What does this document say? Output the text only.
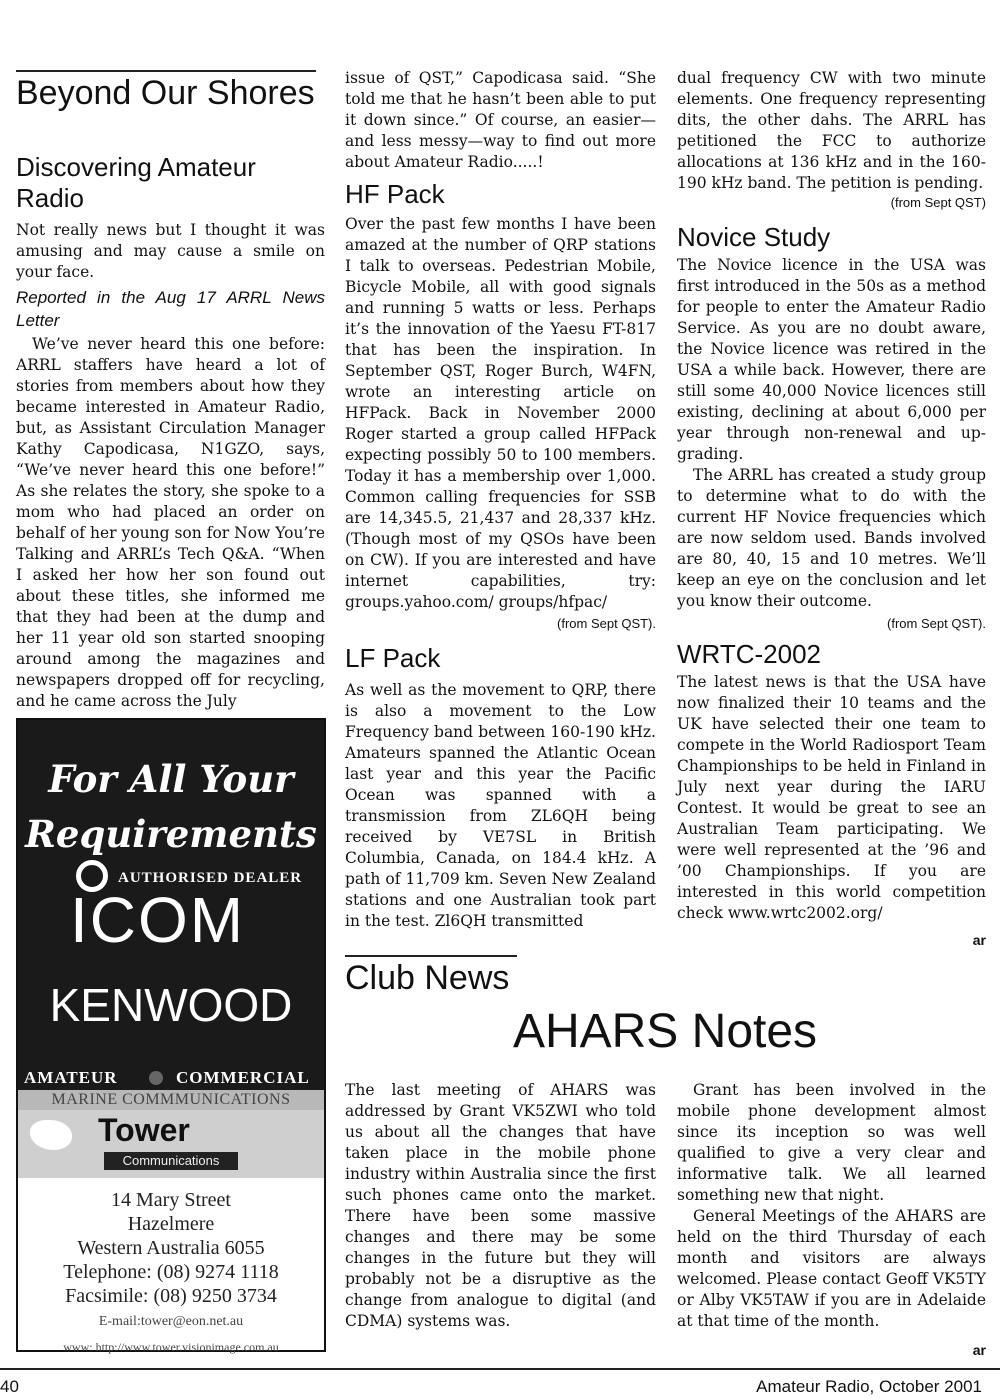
Beyond Our Shores
Discovering Amateur Radio

Not really news but I thought it was amusing and may cause a smile on your face.

Reported in the Aug 17 ARRL News Letter

We’ve never heard this one before: ARRL staffers have heard a lot of stories from members about how they became interested in Amateur Radio, but, as Assistant Circulation Manager Kathy Capodicasa, N1GZO, says, “We’ve never heard this one before!” As she relates the story, she spoke to a mom who had placed an order on behalf of her young son for Now You’re Talking and ARRL’s Tech Q&A. “When I asked her how her son found out about these titles, she informed me that they had been at the dump and her 11 year old son started snooping around among the magazines and newspapers dropped off for recycling, and he came across the July

For All Your
Requirements
AUTHORISED DEALER
ICOM
KENWOOD
AMATEUR	COMMERCIAL
MARINE COMMMUNICATIONS
Tower
Communications
14 Mary Street
Hazelmere
Western Australia 6055
Telephone: (08) 9274 1118
Facsimile: (08) 9250 3734
E-mail:tower@eon.net.au
www: http://www.tower.visionimage.com.au

issue of QST,” Capodicasa said. “She told me that he hasn’t been able to put it down since.” Of course, an easier—and less messy—way to find out more about Amateur Radio.....!

HF Pack

Over the past few months I have been amazed at the number of QRP stations I talk to overseas. Pedestrian Mobile, Bicycle Mobile, all with good signals and running 5 watts or less. Perhaps it’s the innovation of the Yaesu FT-817 that has been the inspiration. In September QST, Roger Burch, W4FN, wrote an interesting article on HFPack. Back in November 2000 Roger started a group called HFPack expecting possibly 50 to 100 members. Today it has a membership over 1,000. Common calling frequencies for SSB are 14,345.5, 21,437 and 28,337 kHz. (Though most of my QSOs have been on CW). If you are interested and have internet capabilities, try: groups.yahoo.com/ groups/hfpac/

(from Sept QST).

LF Pack

As well as the movement to QRP, there is also a movement to the Low Frequency band between 160-190 kHz. Amateurs spanned the Atlantic Ocean last year and this year the Pacific Ocean was spanned with a transmission from ZL6QH being received by VE7SL in British Columbia, Canada, on 184.4 kHz. A path of 11,709 km. Seven New Zealand stations and one Australian took part in the test. Zl6QH transmitted

dual frequency CW with two minute elements. One frequency representing dits, the other dahs. The ARRL has petitioned the FCC to authorize allocations at 136 kHz and in the 160-190 kHz band. The petition is pending.

(from Sept QST)

Novice Study

The Novice licence in the USA was first introduced in the 50s as a method for people to enter the Amateur Radio Service. As you are no doubt aware, the Novice licence was retired in the USA a while back. However, there are still some 40,000 Novice licences still existing, declining at about 6,000 per year through non-renewal and up-grading.

The ARRL has created a study group to determine what to do with the current HF Novice frequencies which are now seldom used. Bands involved are 80, 40, 15 and 10 metres. We’ll keep an eye on the conclusion and let you know their outcome.

(from Sept QST).

WRTC-2002

The latest news is that the USA have now finalized their 10 teams and the UK have selected their one team to compete in the World Radiosport Team Championships to be held in Finland in July next year during the IARU Contest. It would be great to see an Australian Team participating. We were well represented at the ’96 and ’00 Championships. If you are interested in this world competition check www.wrtc2002.org/

ar

Club News
AHARS Notes

The last meeting of AHARS was addressed by Grant VK5ZWI who told us about all the changes that have taken place in the mobile phone industry within Australia since the first such phones came onto the market. There have been some massive changes and there may be some changes in the future but they will probably not be a disruptive as the change from analogue to digital (and CDMA) systems was.

Grant has been involved in the mobile phone development almost since its inception so was well qualified to give a very clear and informative talk. We all learned something new that night.

General Meetings of the AHARS are held on the third Thursday of each month and visitors are always welcomed. Please contact Geoff VK5TY or Alby VK5TAW if you are in Adelaide at that time of the month.

ar

40	Amateur Radio, October 2001
